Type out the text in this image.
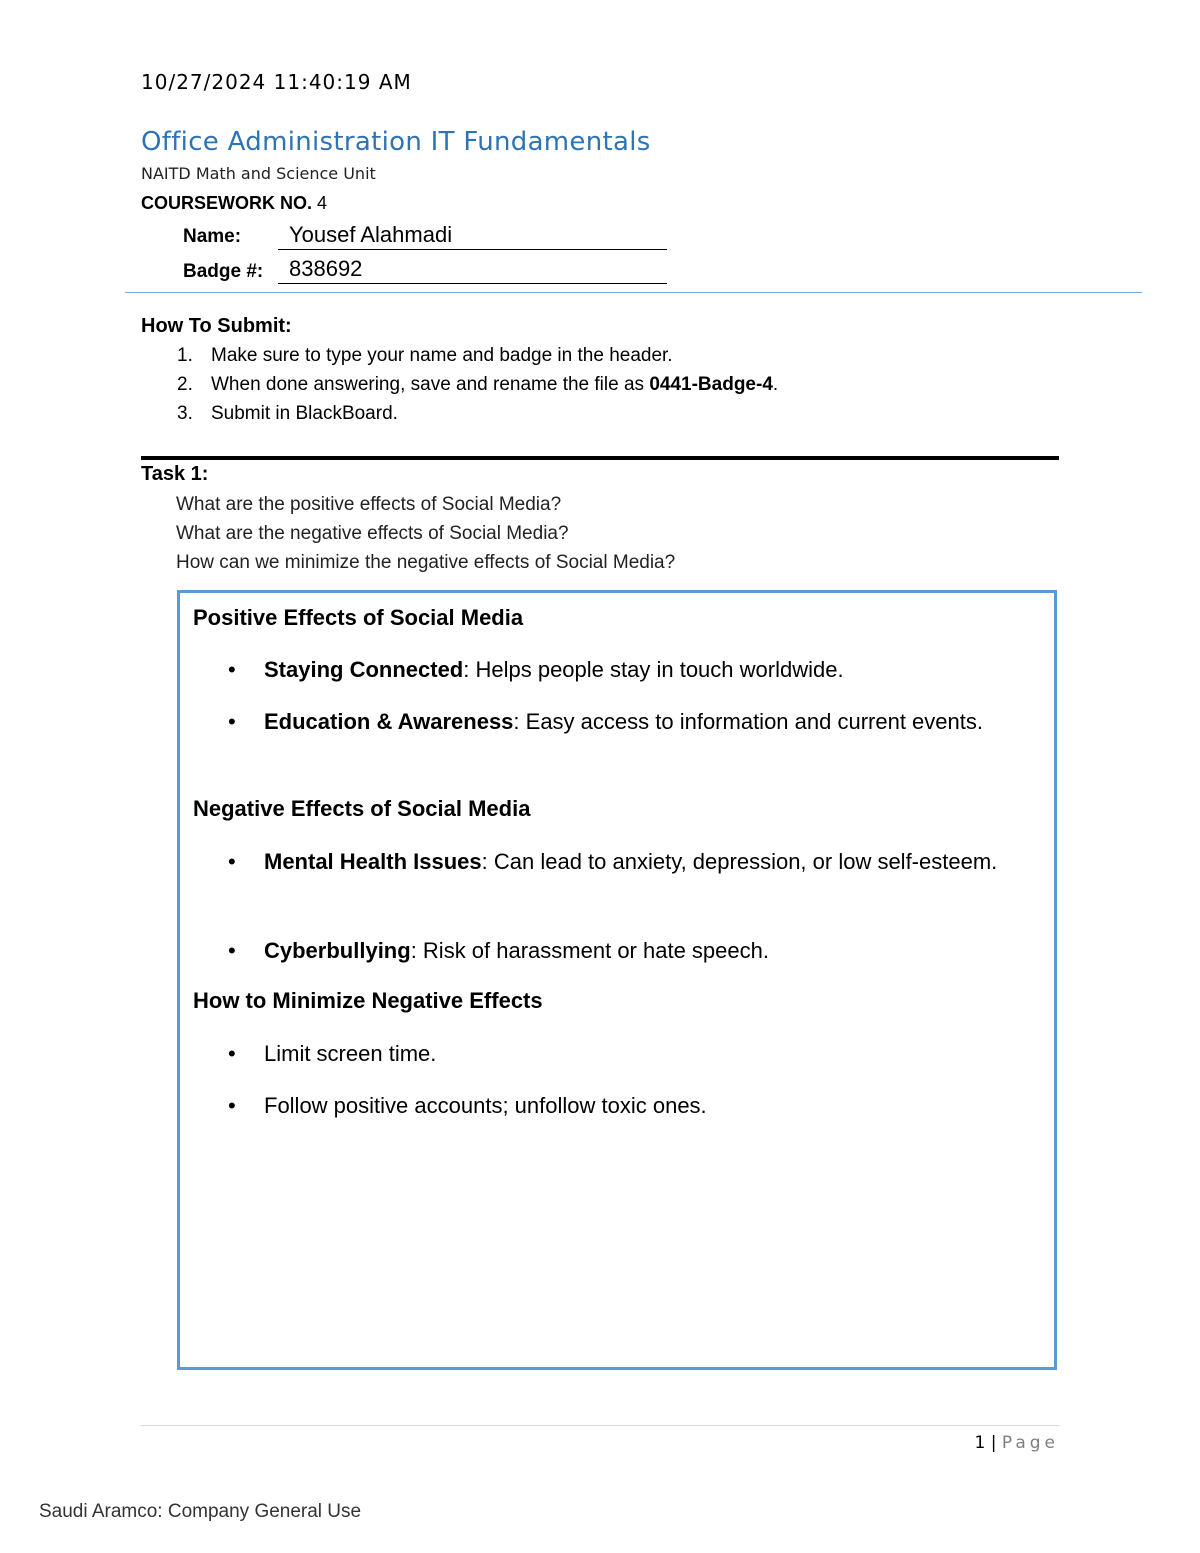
10/27/2024 11:40:19 AM
Office Administration IT Fundamentals
NAITD Math and Science Unit
COURSEWORK NO. 4
Name: Yousef Alahmadi
Badge #: 838692
How To Submit:
1. Make sure to type your name and badge in the header.
2. When done answering, save and rename the file as 0441-Badge-4.
3. Submit in BlackBoard.
Task 1:
What are the positive effects of Social Media?
What are the negative effects of Social Media?
How can we minimize the negative effects of Social Media?
Positive Effects of Social Media
• Staying Connected: Helps people stay in touch worldwide.
• Education & Awareness: Easy access to information and current events.
Negative Effects of Social Media
• Mental Health Issues: Can lead to anxiety, depression, or low self-esteem.
• Cyberbullying: Risk of harassment or hate speech.
How to Minimize Negative Effects
• Limit screen time.
• Follow positive accounts; unfollow toxic ones.
1 | Page
Saudi Aramco: Company General Use
